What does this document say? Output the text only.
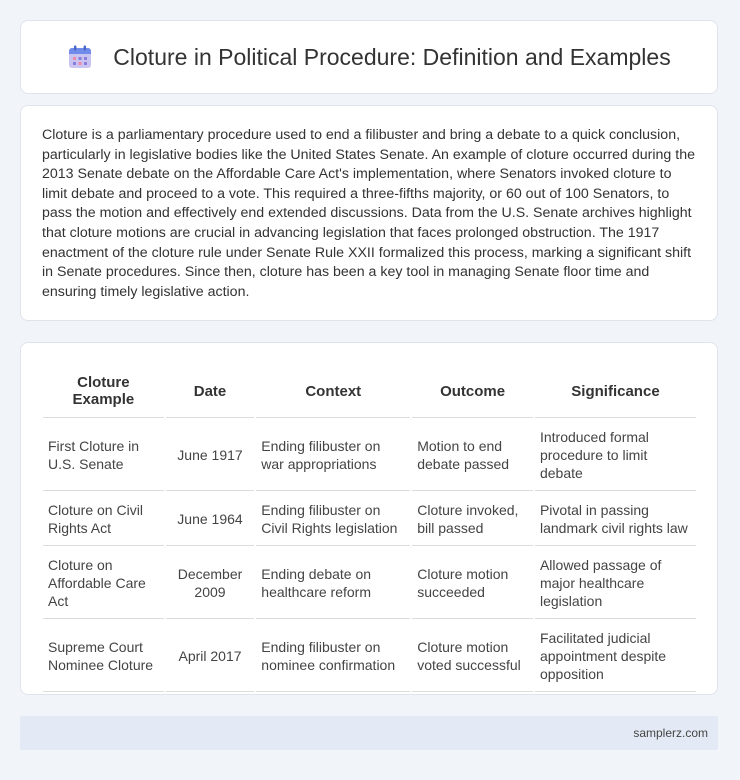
Cloture in Political Procedure: Definition and Examples

Cloture is a parliamentary procedure used to end a filibuster and bring a debate to a quick conclusion, particularly in legislative bodies like the United States Senate. An example of cloture occurred during the 2013 Senate debate on the Affordable Care Act's implementation, where Senators invoked cloture to limit debate and proceed to a vote. This required a three-fifths majority, or 60 out of 100 Senators, to pass the motion and effectively end extended discussions. Data from the U.S. Senate archives highlight that cloture motions are crucial in advancing legislation that faces prolonged obstruction. The 1917 enactment of the cloture rule under Senate Rule XXII formalized this process, marking a significant shift in Senate procedures. Since then, cloture has been a key tool in managing Senate floor time and ensuring timely legislative action.

Cloture Example	Date	Context	Outcome	Significance
First Cloture in U.S. Senate	June 1917	Ending filibuster on war appropriations	Motion to end debate passed	Introduced formal procedure to limit debate
Cloture on Civil Rights Act	June 1964	Ending filibuster on Civil Rights legislation	Cloture invoked, bill passed	Pivotal in passing landmark civil rights law
Cloture on Affordable Care Act	December 2009	Ending debate on healthcare reform	Cloture motion succeeded	Allowed passage of major healthcare legislation
Supreme Court Nominee Cloture	April 2017	Ending filibuster on nominee confirmation	Cloture motion voted successful	Facilitated judicial appointment despite opposition
samplerz.com
